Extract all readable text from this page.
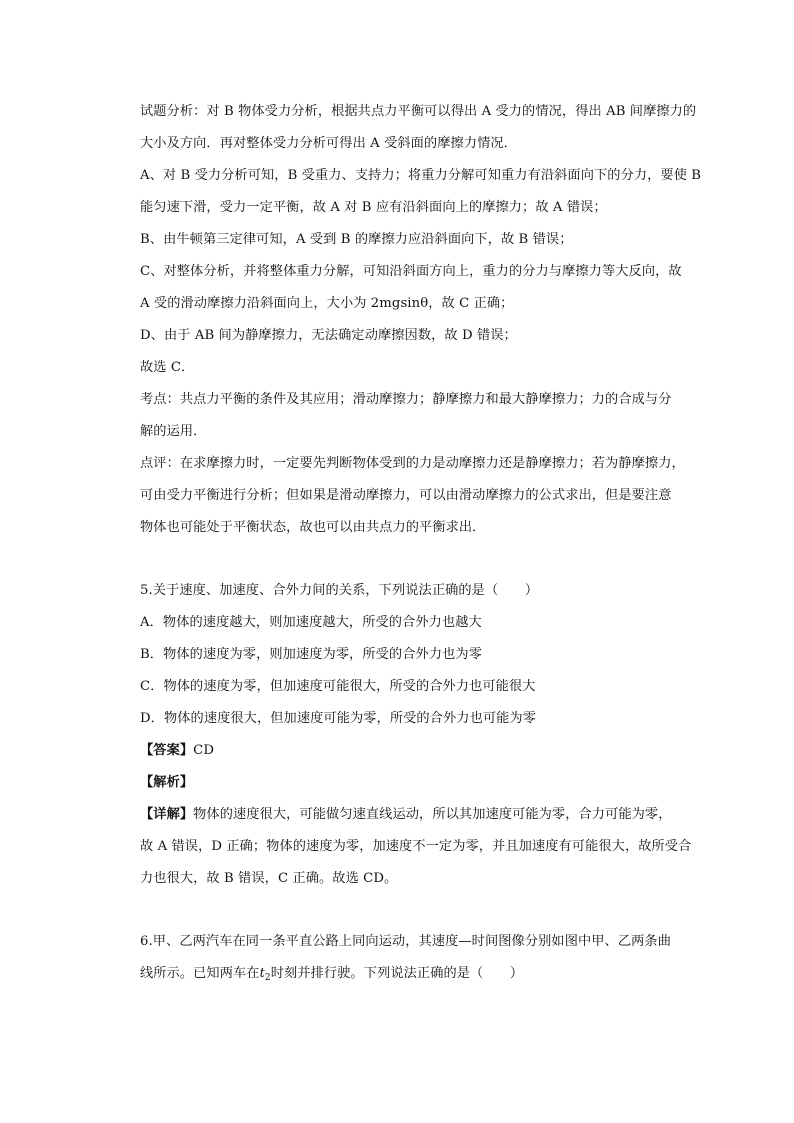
试题分析：对 B 物体受力分析，根据共点力平衡可以得出 A 受力的情况，得出 AB 间摩擦力的
大小及方向．再对整体受力分析可得出 A 受斜面的摩擦力情况．
A、对 B 受力分析可知，B 受重力、支持力；将重力分解可知重力有沿斜面向下的分力，要使 B
能匀速下滑，受力一定平衡，故 A 对 B 应有沿斜面向上的摩擦力；故 A 错误；
B、由牛顿第三定律可知，A 受到 B 的摩擦力应沿斜面向下，故 B 错误；
C、对整体分析，并将整体重力分解，可知沿斜面方向上，重力的分力与摩擦力等大反向，故
A 受的滑动摩擦力沿斜面向上，大小为 2mgsinθ，故 C 正确；
D、由于 AB 间为静摩擦力，无法确定动摩擦因数，故 D 错误；
故选 C．
考点：共点力平衡的条件及其应用；滑动摩擦力；静摩擦力和最大静摩擦力；力的合成与分
解的运用．
点评：在求摩擦力时，一定要先判断物体受到的力是动摩擦力还是静摩擦力；若为静摩擦力，
可由受力平衡进行分析；但如果是滑动摩擦力，可以由滑动摩擦力的公式求出，但是要注意
物体也可能处于平衡状态，故也可以由共点力的平衡求出．
5.关于速度、加速度、合外力间的关系，下列说法正确的是（　　）
A．物体的速度越大，则加速度越大，所受的合外力也越大
B．物体的速度为零，则加速度为零，所受的合外力也为零
C．物体的速度为零，但加速度可能很大，所受的合外力也可能很大
D．物体的速度很大，但加速度可能为零，所受的合外力也可能为零
【答案】CD
【解析】
【详解】物体的速度很大，可能做匀速直线运动，所以其加速度可能为零，合力可能为零，
故 A 错误，D 正确；物体的速度为零，加速度不一定为零，并且加速度有可能很大，故所受合
力也很大，故 B 错误，C 正确。故选 CD。
6.甲、乙两汽车在同一条平直公路上同向运动，其速度—时间图像分别如图中甲、乙两条曲
线所示。已知两车在$t_2$时刻并排行驶。下列说法正确的是（　　）
